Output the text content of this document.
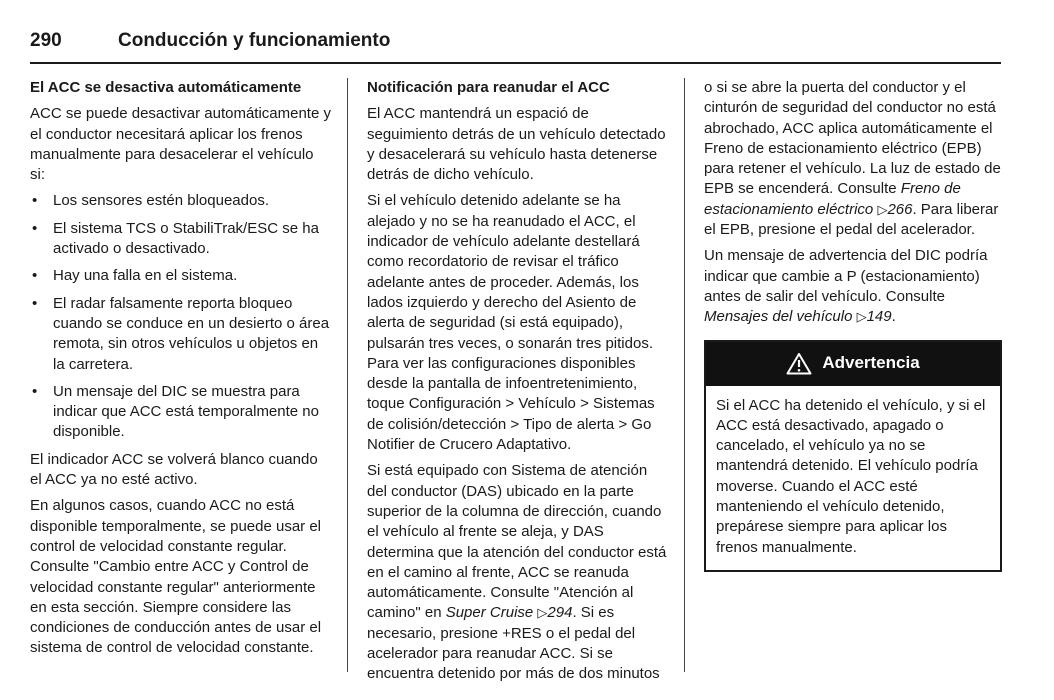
290	Conducción y funcionamiento

El ACC se desactiva automáticamente

ACC se puede desactivar automáticamente y el conductor necesitará aplicar los frenos manualmente para desacelerar el vehículo si:

• Los sensores estén bloqueados.
• El sistema TCS o StabiliTrak/ESC se ha activado o desactivado.
• Hay una falla en el sistema.
• El radar falsamente reporta bloqueo cuando se conduce en un desierto o área remota, sin otros vehículos u objetos en la carretera.
• Un mensaje del DIC se muestra para indicar que ACC está temporalmente no disponible.

El indicador ACC se volverá blanco cuando el ACC ya no esté activo.

En algunos casos, cuando ACC no está disponible temporalmente, se puede usar el control de velocidad constante regular. Consulte "Cambio entre ACC y Control de velocidad constante regular" anteriormente en esta sección. Siempre considere las condiciones de conducción antes de usar el sistema de control de velocidad constante.

Notificación para reanudar el ACC

El ACC mantendrá un espació de seguimiento detrás de un vehículo detectado y desacelerará su vehículo hasta detenerse detrás de dicho vehículo.

Si el vehículo detenido adelante se ha alejado y no se ha reanudado el ACC, el indicador de vehículo adelante destellará como recordatorio de revisar el tráfico adelante antes de proceder. Además, los lados izquierdo y derecho del Asiento de alerta de seguridad (si está equipado), pulsarán tres veces, o sonarán tres pitidos. Para ver las configuraciones disponibles desde la pantalla de infoentretenimiento, toque Configuración > Vehículo > Sistemas de colisión/detección > Tipo de alerta > Go Notifier de Crucero Adaptativo.

Si está equipado con Sistema de atención del conductor (DAS) ubicado en la parte superior de la columna de dirección, cuando el vehículo al frente se aleja, y DAS determina que la atención del conductor está en el camino al frente, ACC se reanuda automáticamente. Consulte "Atención al camino" en Super Cruise ▷294. Si es necesario, presione +RES o el pedal del acelerador para reanudar ACC. Si se encuentra detenido por más de dos minutos

o si se abre la puerta del conductor y el cinturón de seguridad del conductor no está abrochado, ACC aplica automáticamente el Freno de estacionamiento eléctrico (EPB) para retener el vehículo. La luz de estado de EPB se encenderá. Consulte Freno de estacionamiento eléctrico ▷266. Para liberar el EPB, presione el pedal del acelerador.

Un mensaje de advertencia del DIC podría indicar que cambie a P (estacionamiento) antes de salir del vehículo. Consulte Mensajes del vehículo ▷149.

Advertencia
Si el ACC ha detenido el vehículo, y si el ACC está desactivado, apagado o cancelado, el vehículo ya no se mantendrá detenido. El vehículo podría moverse. Cuando el ACC esté manteniendo el vehículo detenido, prepárese siempre para aplicar los frenos manualmente.
